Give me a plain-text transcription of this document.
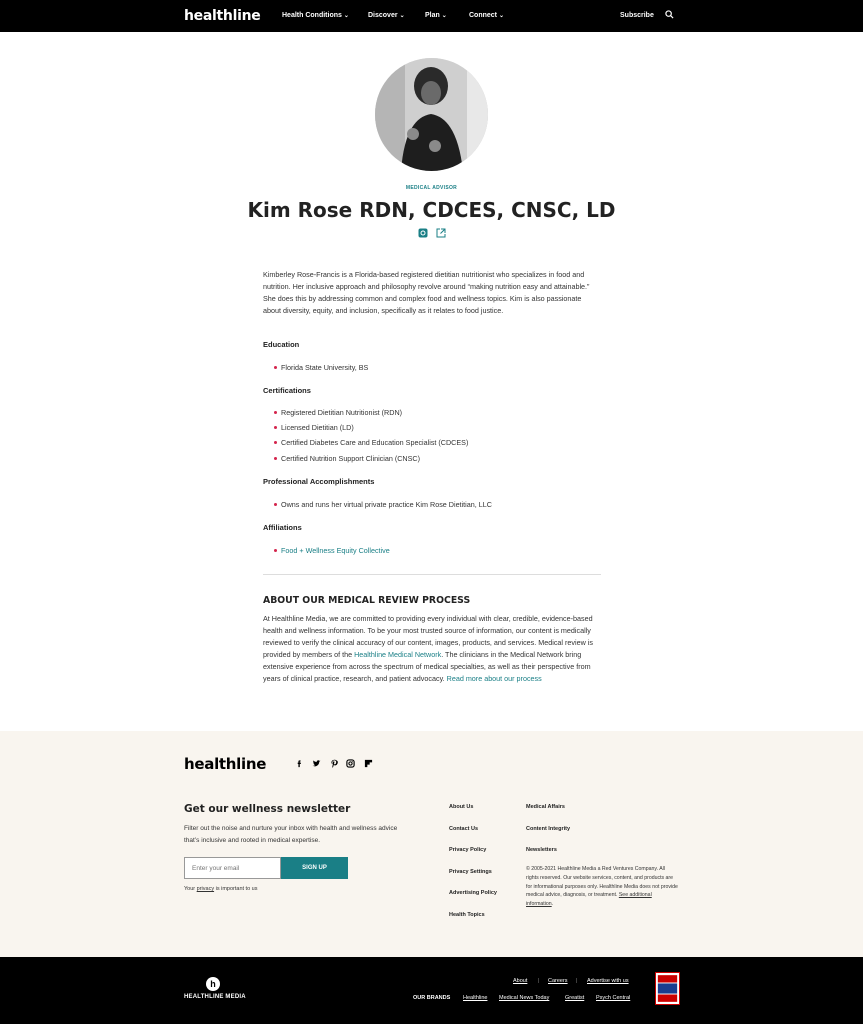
healthline	Health Conditions ⌄	Discover ⌄	Plan ⌄	Connect ⌄	Subscribe
MEDICAL ADVISOR
Kim Rose RDN, CDCES, CNSC, LD
Kimberley Rose-Francis is a Florida-based registered dietitian nutritionist who specializes in food and nutrition. Her inclusive approach and philosophy revolve around “making nutrition easy and attainable.” She does this by addressing common and complex food and wellness topics. Kim is also passionate about diversity, equity, and inclusion, specifically as it relates to food justice.
Education
Florida State University, BS
Certifications
Registered Dietitian Nutritionist (RDN)
Licensed Dietitian (LD)
Certified Diabetes Care and Education Specialist (CDCES)
Certified Nutrition Support Clinician (CNSC)
Professional Accomplishments
Owns and runs her virtual private practice Kim Rose Dietitian, LLC
Affiliations
Food + Wellness Equity Collective
ABOUT OUR MEDICAL REVIEW PROCESS
At Healthline Media, we are committed to providing every individual with clear, credible, evidence-based health and wellness information. To be your most trusted source of information, our content is medically reviewed to verify the clinical accuracy of our content, images, products, and services. Medical review is provided by members of the Healthline Medical Network. The clinicians in the Medical Network bring extensive experience from across the spectrum of medical specialties, as well as their perspective from years of clinical practice, research, and patient advocacy. Read more about our process
healthline
Get our wellness newsletter
Filter out the noise and nurture your inbox with health and wellness advice that’s inclusive and rooted in medical expertise.
Enter your email
SIGN UP
Your privacy is important to us
About Us
Contact Us
Privacy Policy
Privacy Settings
Advertising Policy
Health Topics
Medical Affairs
Content Integrity
Newsletters
© 2005-2021 Healthline Media a Red Ventures Company. All rights reserved. Our website services, content, and products are for informational purposes only. Healthline Media does not provide medical advice, diagnosis, or treatment. See additional information.
h
HEALTHLINE MEDIA
About | Careers | Advertise with us
OUR BRANDS Healthline Medical News Today	Greatist Psych Central
